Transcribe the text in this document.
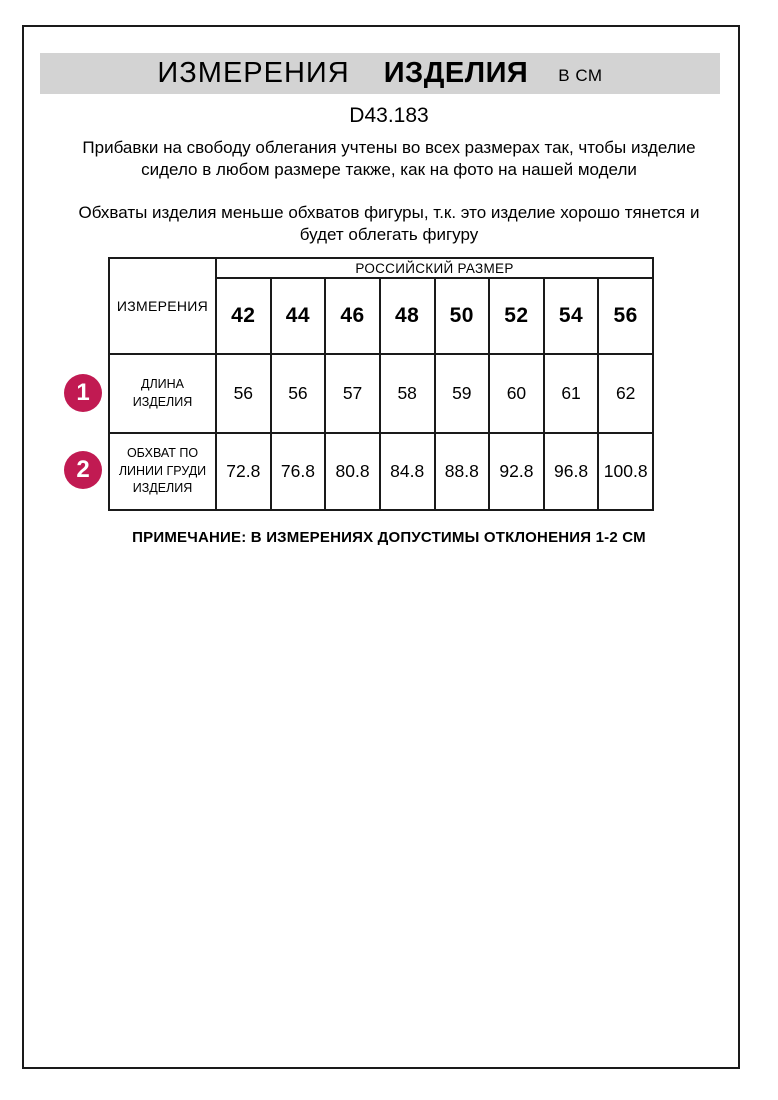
ИЗМЕРЕНИЯ ИЗДЕЛИЯ В СМ
D43.183
Прибавки на свободу облегания учтены во всех размерах так, чтобы изделие сидело в любом размере также, как на фото на нашей модели
Обхваты изделия меньше обхватов фигуры, т.к. это изделие хорошо тянется и будет облегать фигуру
ИЗМЕРЕНИЯ	РОССИЙСКИЙ РАЗМЕР							
	42	44	46	48	50	52	54	56
ДЛИНА ИЗДЕЛИЯ	56	56	57	58	59	60	61	62
ОБХВАТ ПО ЛИНИИ ГРУДИ ИЗДЕЛИЯ	72.8	76.8	80.8	84.8	88.8	92.8	96.8	100.8
1
2
ПРИМЕЧАНИЕ: В ИЗМЕРЕНИЯХ ДОПУСТИМЫ ОТКЛОНЕНИЯ 1-2 СМ
